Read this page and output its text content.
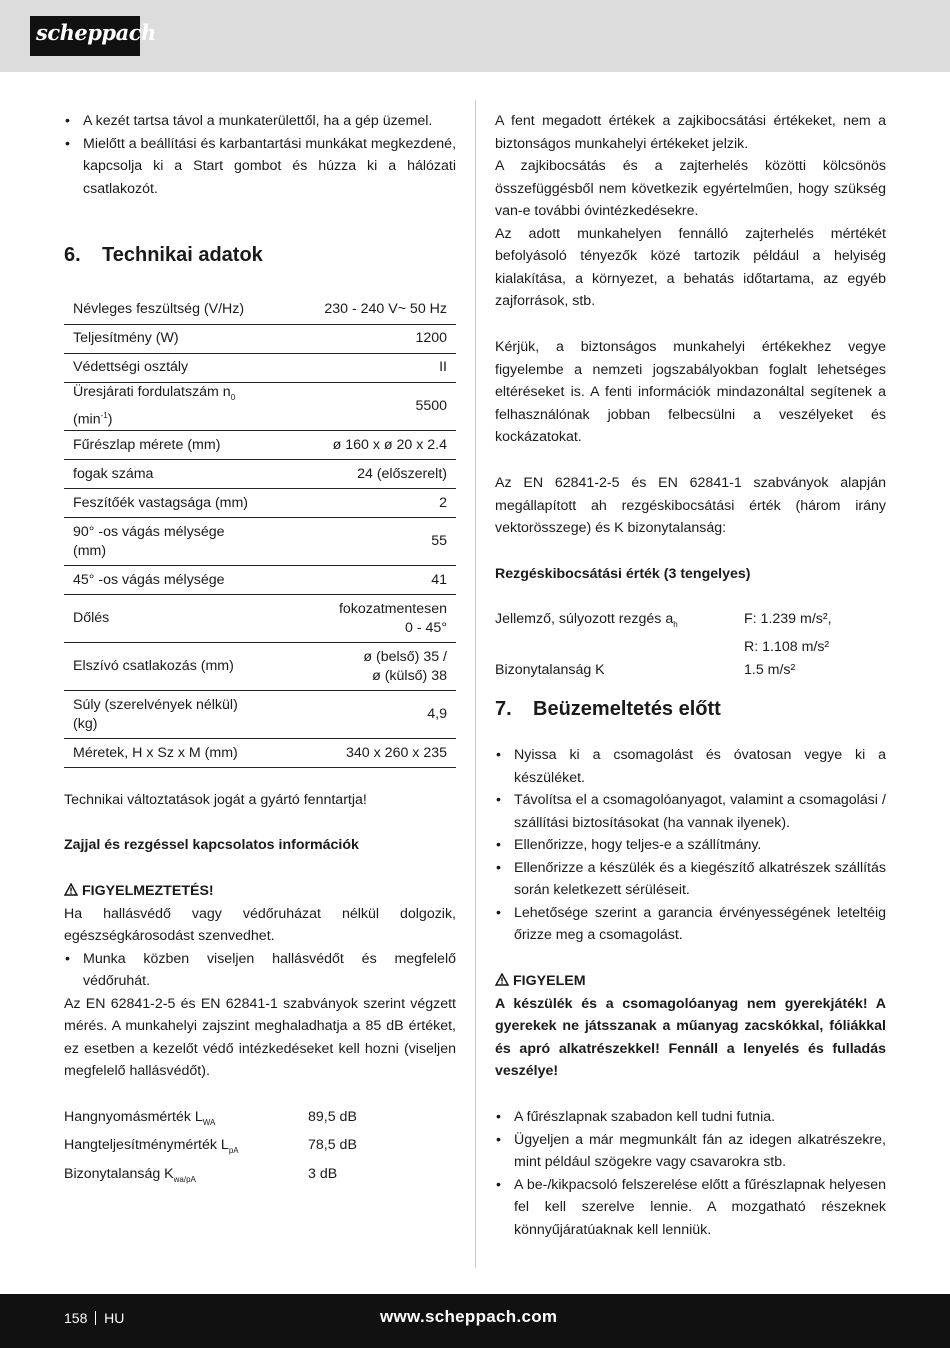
scheppach
• A kezét tartsa távol a munkaterülettől, ha a gép üzemel.
• Mielőtt a beállítási és karbantartási munkákat megkezdené, kapcsolja ki a Start gombot és húzza ki a hálózati csatlakozót.
6. Technikai adatok
Névleges feszültség (V/Hz)	230 - 240 V~ 50 Hz
Teljesítmény (W)	1200
Védettségi osztály	II
Üresjárati fordulatszám $n_0$
$(\min^{-1})$	5500
Fűrészlap mérete (mm)	ø 160 x ø 20 x 2.4
fogak száma	24 (előszerelt)
Feszítőék vastagsága (mm)	2
90° -os vágás mélysége
(mm)	55
45° -os vágás mélysége	41
Dőlés	fokozatmentesen
0 - 45°
Elszívó csatlakozás (mm)	ø (belső) 35 /
ø (külső) 38
Súly (szerelvények nélkül)
(kg)	4,9
Méretek, H x Sz x M (mm)	340 x 260 x 235

Technikai változtatások jogát a gyártó fenntartja!

Zajjal és rezgéssel kapcsolatos információk

FIGYELMEZTETÉS!

Ha hallásvédő vagy védőruházat nélkül dolgozik, egészségkárosodást szenvedhet.

• Munka közben viseljen hallásvédőt és megfelelő védőruhát.

Az EN 62841-2-5 és EN 62841-1 szabványok szerint végzett mérés. A munkahelyi zajszint meghaladhatja a 85 dB értéket, ez esetben a kezelőt védő intézkedéseket kell hozni (viseljen megfelelő hallásvédőt).

Hangnyomásmérték $L_{WA}$	89,5 dB
Hangteljesítménymérték $L_{pA}$	78,5 dB
Bizonytalanság $K_{wa/pA}$	3 dB

A fent megadott értékek a zajkibocsátási értékeket, nem a biztonságos munkahelyi értékeket jelzik.

A zajkibocsátás és a zajterhelés közötti kölcsönös összefüggésből nem következik egyértelműen, hogy szükség van-e további óvintézkedésekre.

Az adott munkahelyen fennálló zajterhelés mértékét befolyásoló tényezők közé tartozik például a helyiség kialakítása, a környezet, a behatás időtartama, az egyéb zajforrások, stb.

Kérjük, a biztonságos munkahelyi értékekhez vegye figyelembe a nemzeti jogszabályokban foglalt lehetséges eltéréseket is. A fenti információk mindazonáltal segítenek a felhasználónak jobban felbecsülni a veszélyeket és kockázatokat.

Az EN 62841-2-5 és EN 62841-1 szabványok alapján megállapított ah rezgéskibocsátási érték (három irány vektorösszege) és K bizonytalanság:

Rezgéskibocsátási érték (3 tengelyes)

Jellemző, súlyozott rezgés $a_h$	F: 1.239 m/s²,
R: 1.108 m/s²
Bizonytalanság K	1.5 m/s²
7. Beüzemeltetés előtt
• Nyissa ki a csomagolást és óvatosan vegye ki a készüléket.
• Távolítsa el a csomagolóanyagot, valamint a csomagolási / szállítási biztosításokat (ha vannak ilyenek).
• Ellenőrizze, hogy teljes-e a szállítmány.
• Ellenőrizze a készülék és a kiegészítő alkatrészek szállítás során keletkezett sérüléseit.
• Lehetősége szerint a garancia érvényességének leteltéig őrizze meg a csomagolást.

FIGYELEM

A készülék és a csomagolóanyag nem gyerekjáték! A gyerekek ne játsszanak a műanyag zacskókkal, fóliákkal és apró alkatrészekkel! Fennáll a lenyelés és fulladás veszélye!

• A fűrészlapnak szabadon kell tudni futnia.
• Ügyeljen a már megmunkált fán az idegen alkatrészekre, mint például szögekre vagy csavarokra stb.
• A be-/kikpacsoló felszerelése előtt a fűrészlapnak helyesen fel kell szerelve lennie. A mozgatható részeknek könnyűjáratúaknak kell lenniük.
158 HU	www.scheppach.com
